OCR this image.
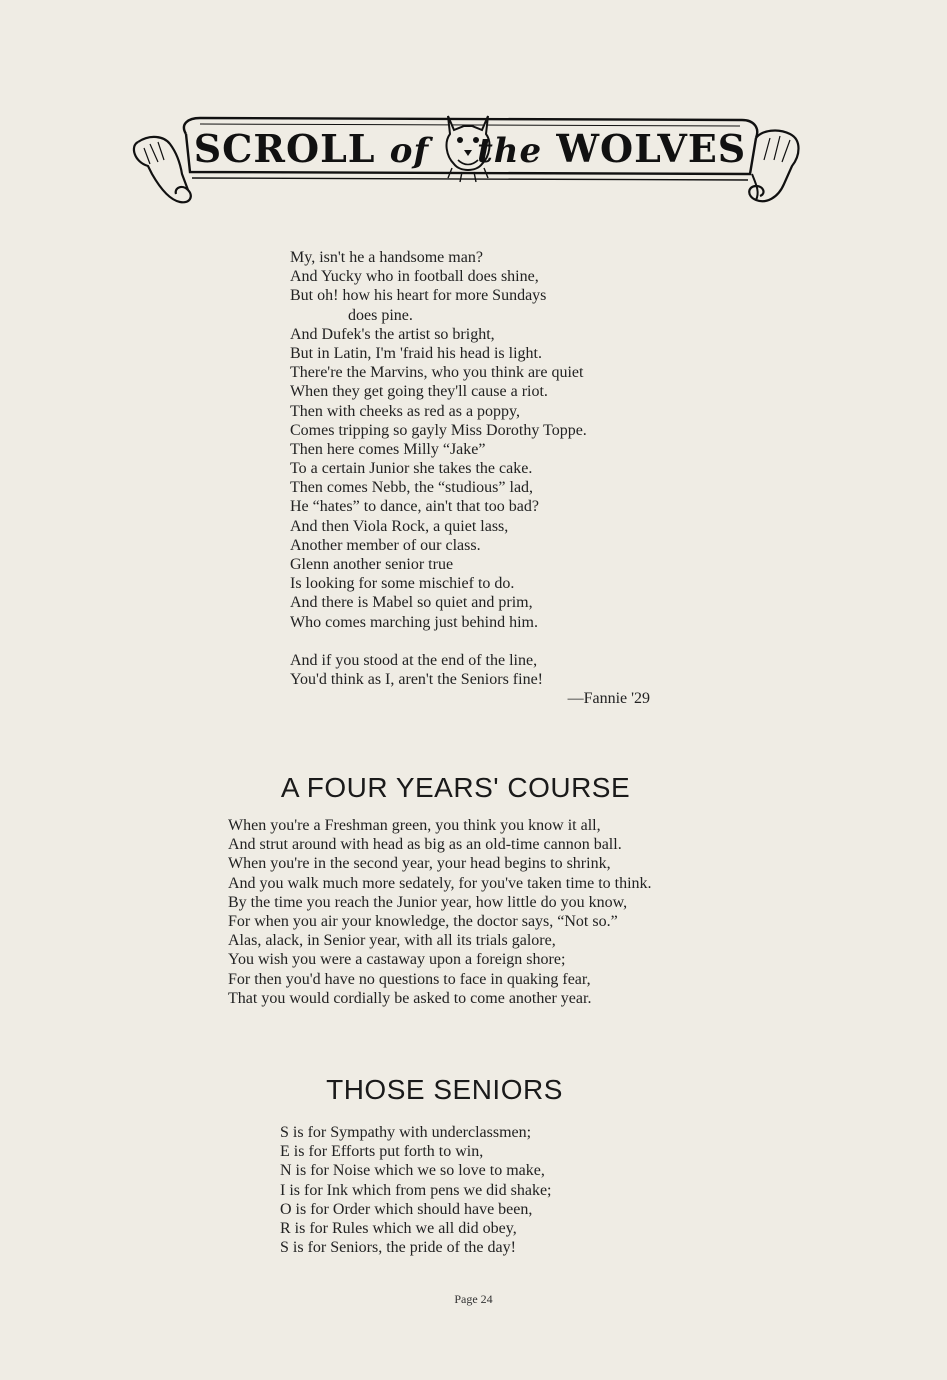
SCROLL of the WOLVES
My, isn't he a handsome man?
And Yucky who in football does shine,
But oh! how his heart for more Sundays
does pine.
And Dufek's the artist so bright,
But in Latin, I'm 'fraid his head is light.
There're the Marvins, who you think are quiet
When they get going they'll cause a riot.
Then with cheeks as red as a poppy,
Comes tripping so gayly Miss Dorothy Toppe.
Then here comes Milly “Jake”
To a certain Junior she takes the cake.
Then comes Nebb, the “studious” lad,
He “hates” to dance, ain't that too bad?
And then Viola Rock, a quiet lass,
Another member of our class.
Glenn another senior true
Is looking for some mischief to do.
And there is Mabel so quiet and prim,
Who comes marching just behind him.
And if you stood at the end of the line,
You'd think as I, aren't the Seniors fine!
—Fannie '29
A FOUR YEARS' COURSE
When you're a Freshman green, you think you know it all,
And strut around with head as big as an old-time cannon ball.
When you're in the second year, your head begins to shrink,
And you walk much more sedately, for you've taken time to think.
By the time you reach the Junior year, how little do you know,
For when you air your knowledge, the doctor says, “Not so.”
Alas, alack, in Senior year, with all its trials galore,
You wish you were a castaway upon a foreign shore;
For then you'd have no questions to face in quaking fear,
That you would cordially be asked to come another year.
THOSE SENIORS
S is for Sympathy with underclassmen;
E is for Efforts put forth to win,
N is for Noise which we so love to make,
I is for Ink which from pens we did shake;
O is for Order which should have been,
R is for Rules which we all did obey,
S is for Seniors, the pride of the day!
Page 24
